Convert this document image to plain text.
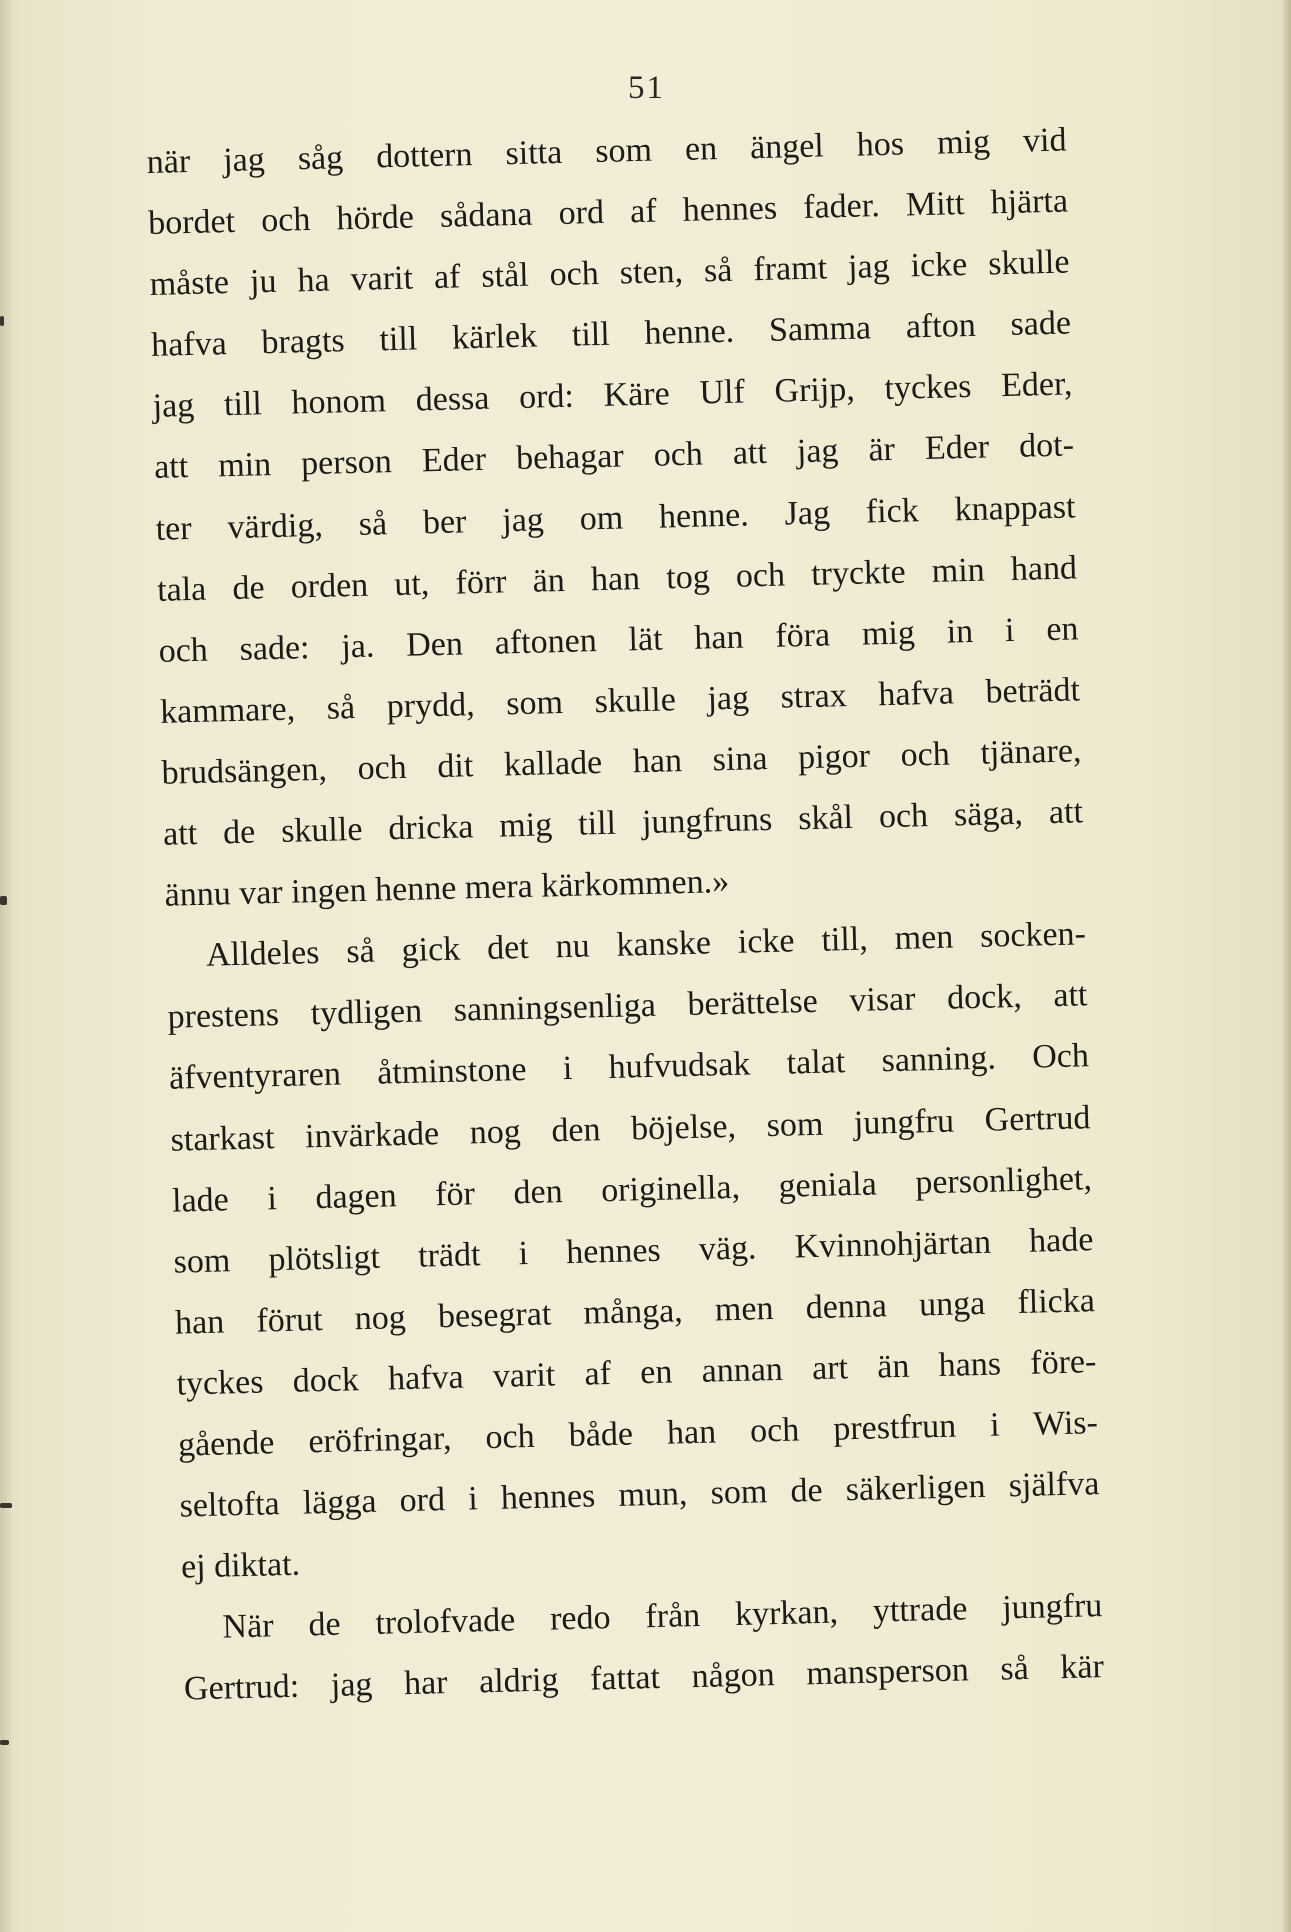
51
när jag såg dottern sitta som en ängel hos mig vid
bordet och hörde sådana ord af hennes fader. Mitt hjärta
måste ju ha varit af stål och sten, så framt jag icke skulle
hafva bragts till kärlek till henne. Samma afton sade
jag till honom dessa ord: Käre Ulf Grijp, tyckes Eder,
att min person Eder behagar och att jag är Eder dot-
ter värdig, så ber jag om henne. Jag fick knappast
tala de orden ut, förr än han tog och tryckte min hand
och sade: ja. Den aftonen lät han föra mig in i en
kammare, så prydd, som skulle jag strax hafva beträdt
brudsängen, och dit kallade han sina pigor och tjänare,
att de skulle dricka mig till jungfruns skål och säga, att
ännu var ingen henne mera kärkommen.»
Alldeles så gick det nu kanske icke till, men socken-
prestens tydligen sanningsenliga berättelse visar dock, att
äfventyraren åtminstone i hufvudsak talat sanning. Och
starkast invärkade nog den böjelse, som jungfru Gertrud
lade i dagen för den originella, geniala personlighet,
som plötsligt trädt i hennes väg. Kvinnohjärtan hade
han förut nog besegrat många, men denna unga flicka
tyckes dock hafva varit af en annan art än hans före-
gående eröfringar, och både han och prestfrun i Wis-
seltofta lägga ord i hennes mun, som de säkerligen själfva
ej diktat.
När de trolofvade redo från kyrkan, yttrade jungfru
Gertrud: jag har aldrig fattat någon mansperson så kär
